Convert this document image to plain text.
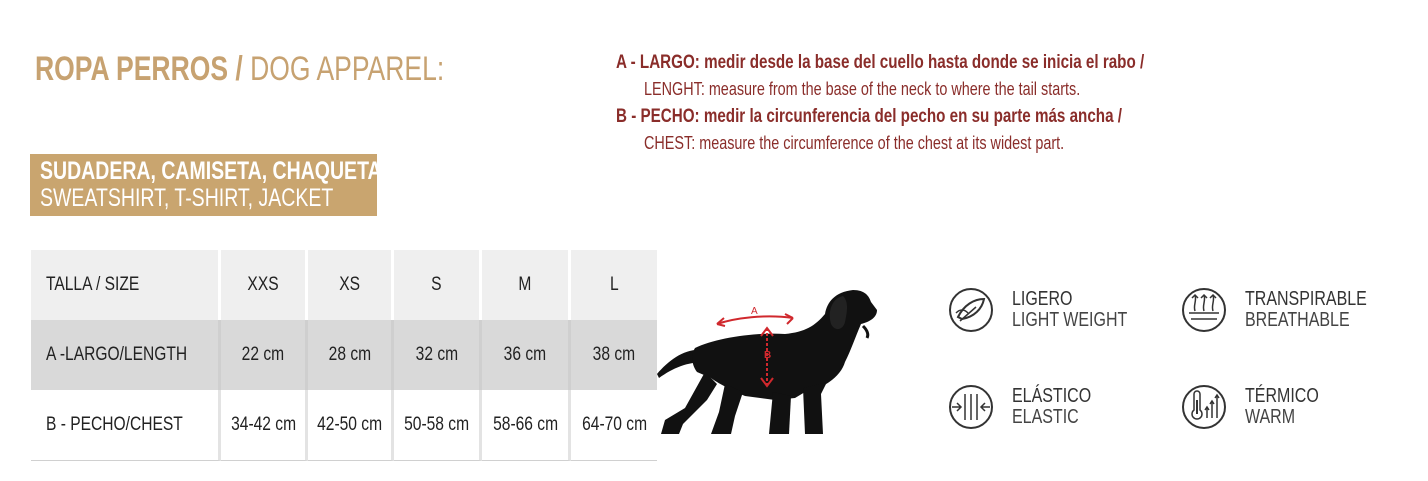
ROPA PERROS / DOG APPAREL:
SUDADERA, CAMISETA, CHAQUETA/
SWEATSHIRT, T-SHIRT, JACKET
A - LARGO: medir desde la base del cuello hasta donde se inicia el rabo /
LENGHT: measure from the base of the neck to where the tail starts.
B - PECHO: medir la circunferencia del pecho en su parte más ancha /
CHEST: measure the circumference of the chest at its widest part.
TALLA / SIZE	XXS	XS	S	M	L
A -LARGO/LENGTH	22 cm	28 cm	32 cm	36 cm	38 cm
B - PECHO/CHEST	34-42 cm	42-50 cm	50-58 cm	58-66 cm	64-70 cm
A
B
LIGERO
LIGHT WEIGHT
TRANSPIRABLE
BREATHABLE
ELÁSTICO
ELASTIC
TÉRMICO
WARM
